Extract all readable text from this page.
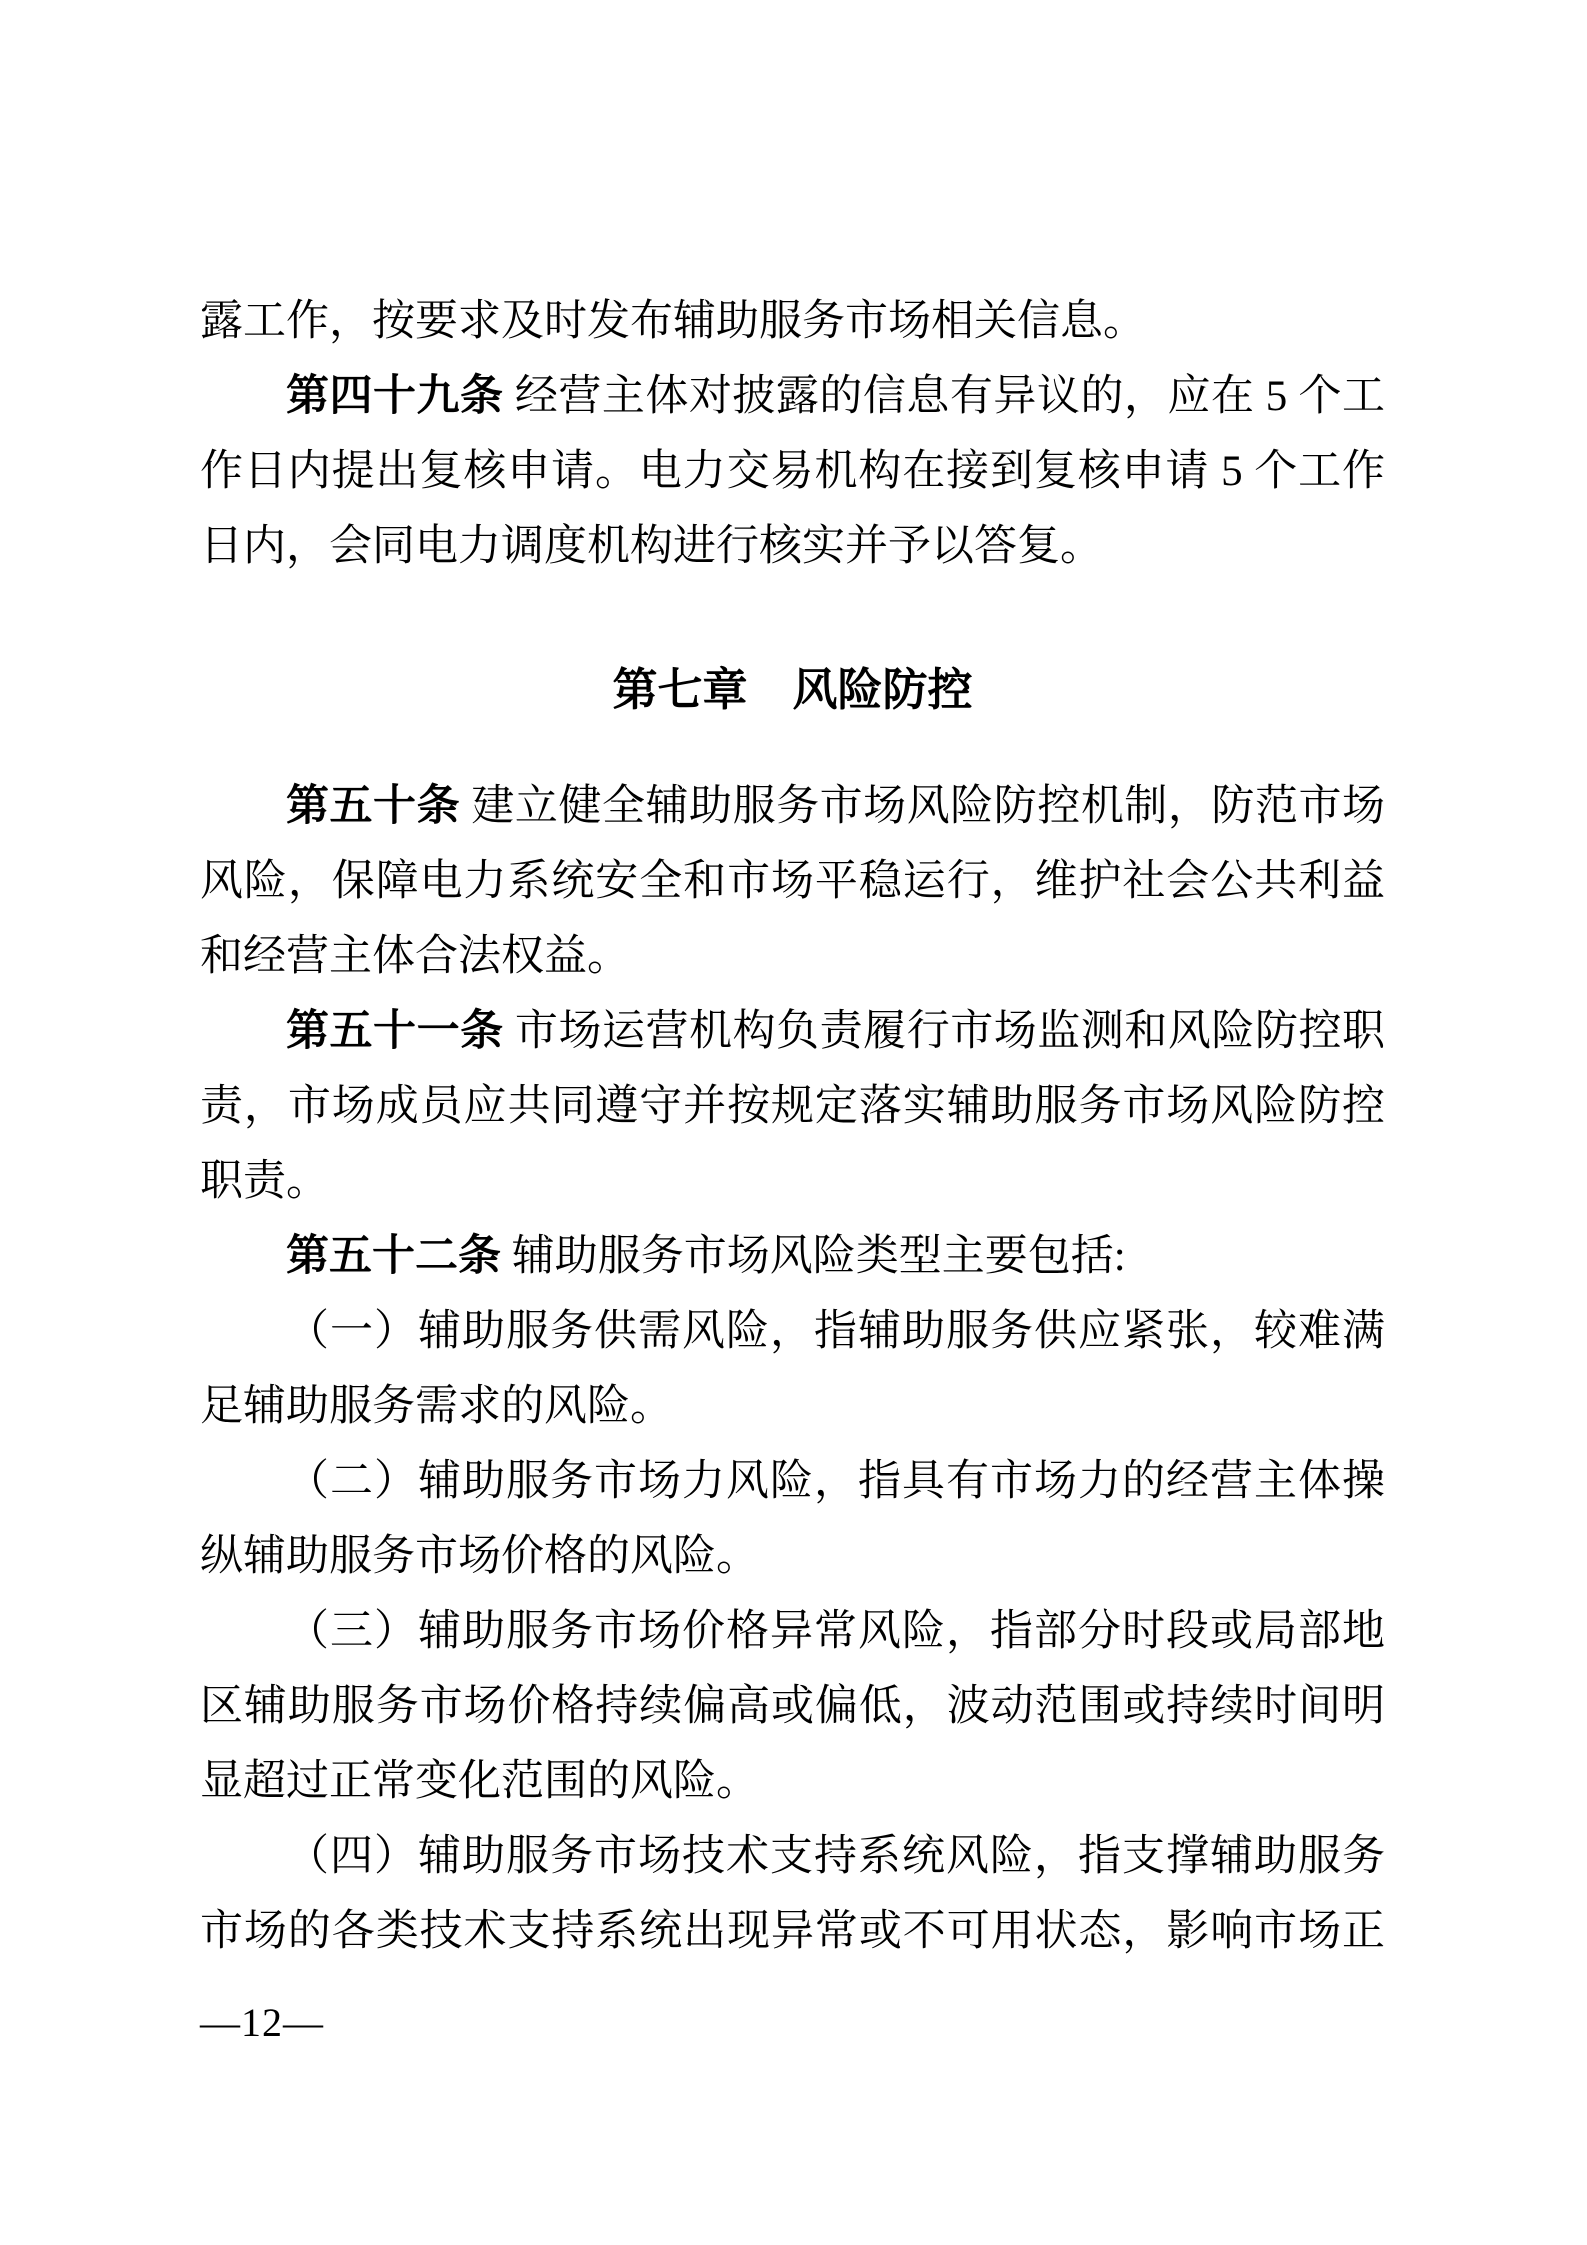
露工作，按要求及时发布辅助服务市场相关信息。
第四十九条 经营主体对披露的信息有异议的，应在 5 个工
作日内提出复核申请。电力交易机构在接到复核申请 5 个工作
日内，会同电力调度机构进行核实并予以答复。
第七章　风险防控
第五十条 建立健全辅助服务市场风险防控机制，防范市场
风险，保障电力系统安全和市场平稳运行，维护社会公共利益
和经营主体合法权益。
第五十一条 市场运营机构负责履行市场监测和风险防控职
责，市场成员应共同遵守并按规定落实辅助服务市场风险防控
职责。
第五十二条 辅助服务市场风险类型主要包括:
（一）辅助服务供需风险，指辅助服务供应紧张，较难满
足辅助服务需求的风险。
（二）辅助服务市场力风险，指具有市场力的经营主体操
纵辅助服务市场价格的风险。
（三）辅助服务市场价格异常风险，指部分时段或局部地
区辅助服务市场价格持续偏高或偏低，波动范围或持续时间明
显超过正常变化范围的风险。
（四）辅助服务市场技术支持系统风险，指支撑辅助服务
市场的各类技术支持系统出现异常或不可用状态，影响市场正
—12—
